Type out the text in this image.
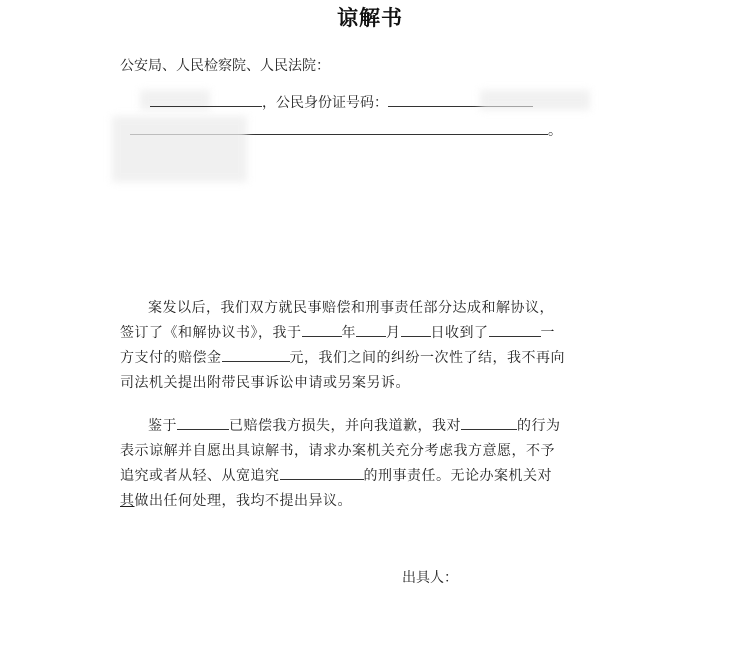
谅解书
公安局、人民检察院、人民法院：
，公民身份证号码：
。
案发以后，我们双方就民事赔偿和刑事责任部分达成和解协议，
签订了《和解协议书》，我于	年 月 日收到了	一
方支付的赔偿金	元，我们之间的纠纷一次性了结，我不再向
司法机关提出附带民事诉讼申请或另案另诉。
鉴于	已赔偿我方损失，并向我道歉，我对	的行为
表示谅解并自愿出具谅解书，请求办案机关充分考虑我方意愿，不予
追究或者从轻、从宽追究	的刑事责任。无论办案机关对
其做出任何处理，我均不提出异议。
出具人：
